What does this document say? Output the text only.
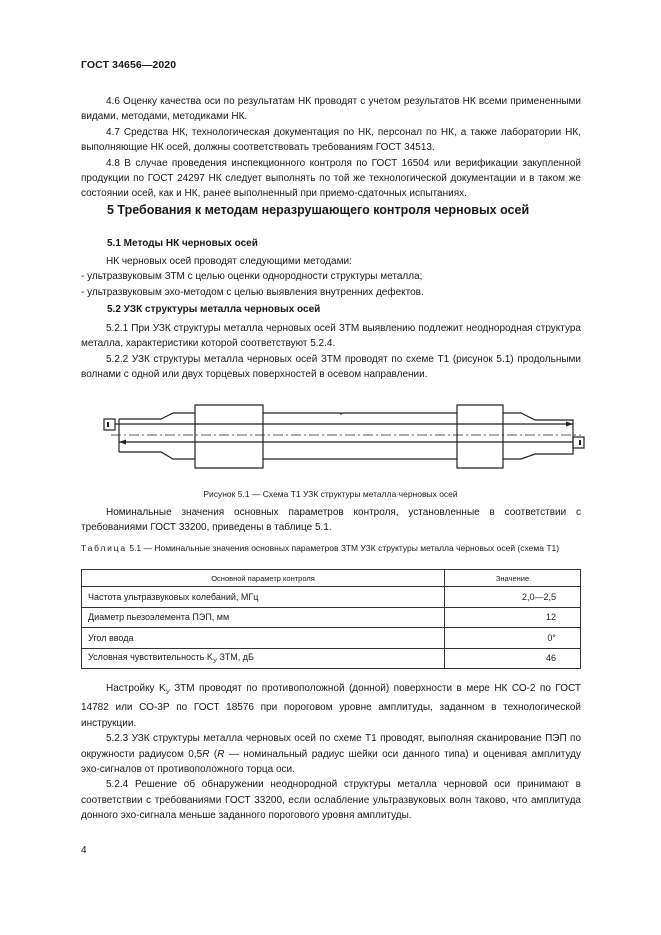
ГОСТ 34656—2020

4.6 Оценку качества оси по результатам НК проводят с учетом результатов НК всеми примененными видами, методами, методиками НК.

4.7 Средства НК, технологическая документация по НК, персонал по НК, а также лаборатории НК, выполняющие НК осей, должны соответствовать требованиям ГОСТ 34513.

4.8 В случае проведения инспекционного контроля по ГОСТ 16504 или верификации закупленной продукции по ГОСТ 24297 НК следует выполнять по той же технологической документации и в таком же состоянии осей, как и НК, ранее выполненный при приемо-сдаточных испытаниях.

5 Требования к методам неразрушающего контроля черновых осей
5.1 Методы НК черновых осей

НК черновых осей проводят следующими методами:

- ультразвуковым ЗТМ с целью оценки однородности структуры металла;

- ультразвуковым эхо-методом с целью выявления внутренних дефектов.

5.2 УЗК структуры металла черновых осей

5.2.1 При УЗК структуры металла черновых осей ЗТМ выявлению подлежит неоднородная структура металла, характеристики которой соответствуют 5.2.4.

5.2.2 УЗК структуры металла черновых осей ЗТМ проводят по схеме Т1 (рисунок 5.1) продольными волнами с одной или двух торцевых поверхностей в осевом направлении.

Рисунок 5.1 — Схема Т1 УЗК структуры металла черновых осей

Номинальные значения основных параметров контроля, установленные в соответствии с требованиями ГОСТ 33200, приведены в таблице 5.1.

Таблица 5.1 — Номинальные значения основных параметров ЗТМ УЗК структуры металла черновых осей (схема Т1)
Основной параметр контроля	Значение
Частота ультразвуковых колебаний, МГц	2,0—2,5
Диаметр пьезоэлемента ПЭП, мм	12
Угол ввода	0°
Условная чувствительность $K_У$ ЗТМ, дБ	46

Настройку $K_У$ ЗТМ проводят по противоположной (донной) поверхности в мере НК СО-2 по ГОСТ 14782 или СО-3Р по ГОСТ 18576 при пороговом уровне амплитуды, заданном в технологической инструкции.

5.2.3 УЗК структуры металла черновых осей по схеме Т1 проводят, выполняя сканирование ПЭП по окружности радиусом 0,5R (R — номинальный радиус шейки оси данного типа) и оценивая амплитуду эхо-сигналов от противоположного торца оси.

5.2.4 Решение об обнаружении неоднородной структуры металла черновой оси принимают в соответствии с требованиями ГОСТ 33200, если ослабление ультразвуковых волн таково, что амплитуда донного эхо-сигнала меньше заданного порогового уровня амплитуды.

4
